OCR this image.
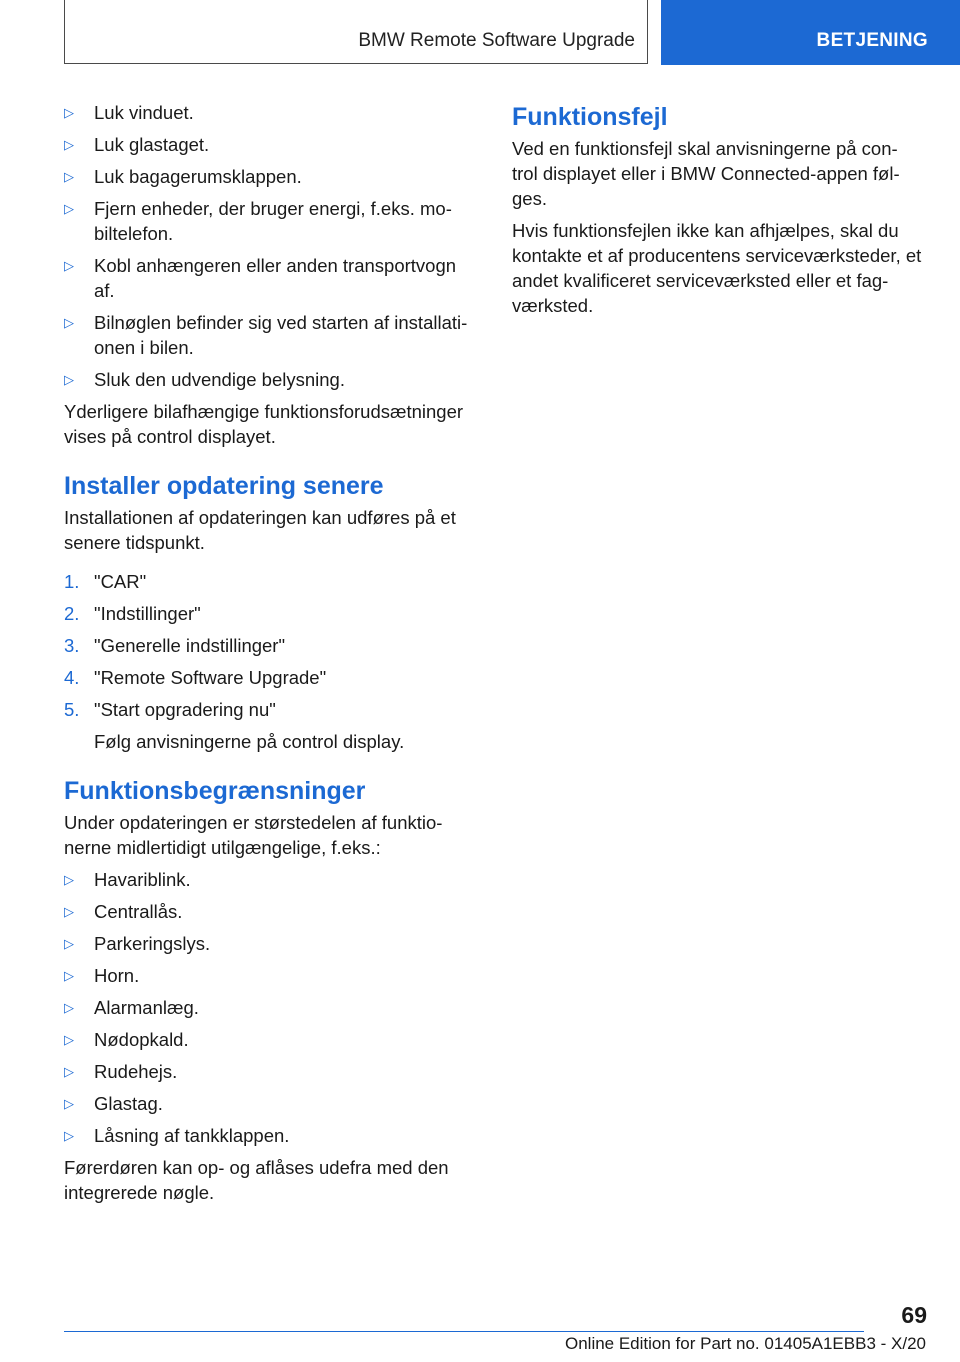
BMW Remote Software Upgrade	BETJENING
▷ Luk vinduet.
▷ Luk glastaget.
▷ Luk bagagerumsklappen.
▷ Fjern enheder, der bruger energi, f.eks. mo- biltelefon.
▷ Kobl anhængeren eller anden transportvogn af.
▷ Bilnøglen befinder sig ved starten af installati- onen i bilen.
▷ Sluk den udvendige belysning.

Yderligere bilafhængige funktionsforudsætninger vises på control displayet.

Installer opdatering senere

Installationen af opdateringen kan udføres på et senere tidspunkt.

1. "CAR"
2. "Indstillinger"
3. "Generelle indstillinger"
4. "Remote Software Upgrade"
5. "Start opgradering nu"

Følg anvisningerne på control display.

Funktionsbegrænsninger

Under opdateringen er størstedelen af funktio- nerne midlertidigt utilgængelige, f.eks.:

▷ Havariblink.
▷ Centrallås.
▷ Parkeringslys.
▷ Horn.
▷ Alarmanlæg.
▷ Nødopkald.
▷ Rudehejs.
▷ Glastag.
▷ Låsning af tankklappen.

Førerdøren kan op- og aflåses udefra med den integrerede nøgle.

Funktionsfejl

Ved en funktionsfejl skal anvisningerne på con- trol displayet eller i BMW Connected-appen føl- ges.

Hvis funktionsfejlen ikke kan afhjælpes, skal du kontakte et af producentens serviceværksteder, et andet kvalificeret serviceværksted eller et fag- værksted.

69
Online Edition for Part no. 01405A1EBB3 - X/20
